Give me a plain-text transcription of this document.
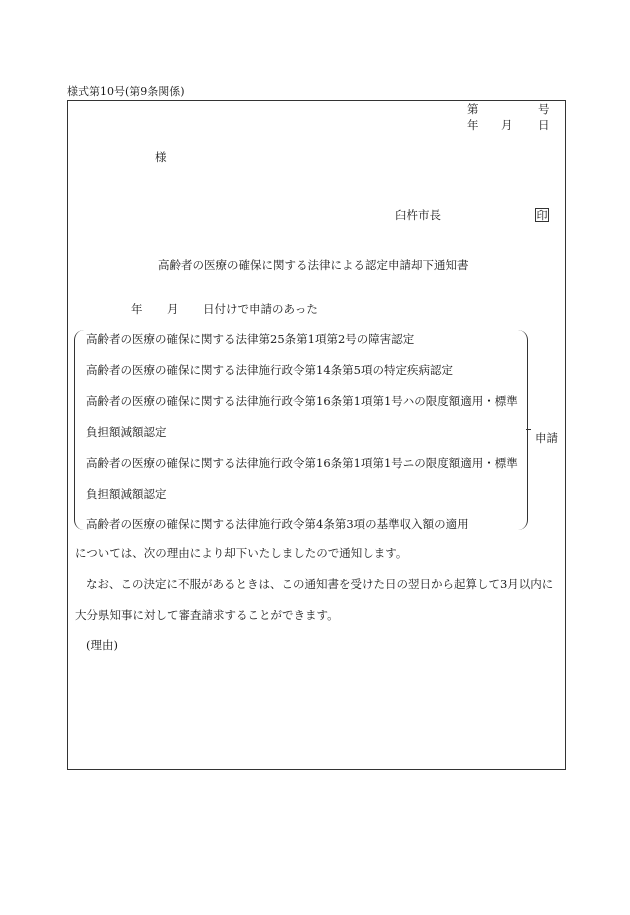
様式第10号(第9条関係)
第	号
年 月 日
様
臼杵市長	印
高齢者の医療の確保に関する法律による認定申請却下通知書
年 月 日付けで申請のあった
高齢者の医療の確保に関する法律第25条第1項第2号の障害認定
高齢者の医療の確保に関する法律施行政令第14条第5項の特定疾病認定
高齢者の医療の確保に関する法律施行政令第16条第1項第1号ハの限度額適用・標準
負担額減額認定
高齢者の医療の確保に関する法律施行政令第16条第1項第1号ニの限度額適用・標準
負担額減額認定
高齢者の医療の確保に関する法律施行政令第4条第3項の基準収入額の適用
申請
については、次の理由により却下いたしましたので通知します。
なお、この決定に不服があるときは、この通知書を受けた日の翌日から起算して3月以内に
大分県知事に対して審査請求することができます。
(理由)
